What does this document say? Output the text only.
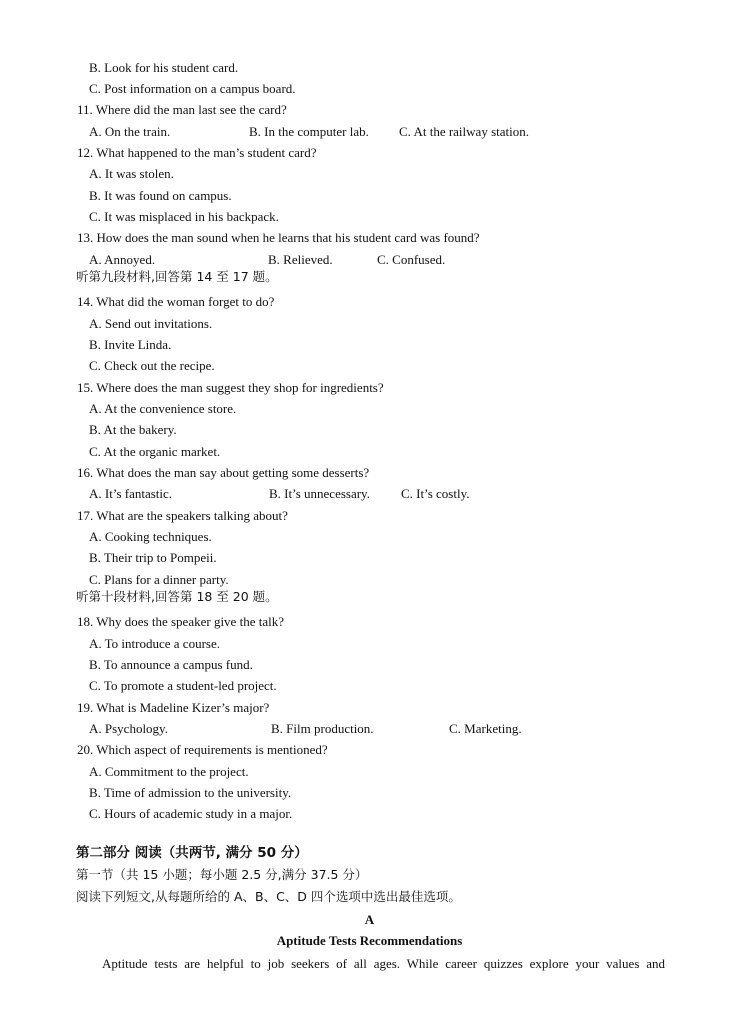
B. Look for his student card.
C. Post information on a campus board.
11. Where did the man last see the card?
A. On the train.	B. In the computer lab. C. At the railway station.
12. What happened to the man’s student card?
A. It was stolen.
B. It was found on campus.
C. It was misplaced in his backpack.
13. How does the man sound when he learns that his student card was found?
A. Annoyed.	B. Relieved.	C. Confused.
听第九段材料,回答第 14 至 17 题。
14. What did the woman forget to do?
A. Send out invitations.
B. Invite Linda.
C. Check out the recipe.
15. Where does the man suggest they shop for ingredients?
A. At the convenience store.
B. At the bakery.
C. At the organic market.
16. What does the man say about getting some desserts?
A. It’s fantastic.	B. It’s unnecessary. C. It’s costly.
17. What are the speakers talking about?
A. Cooking techniques.
B. Their trip to Pompeii.
C. Plans for a dinner party.
听第十段材料,回答第 18 至 20 题。
18. Why does the speaker give the talk?
A. To introduce a course.
B. To announce a campus fund.
C. To promote a student-led project.
19. What is Madeline Kizer’s major?
A. Psychology.	B. Film production.	C. Marketing.
20. Which aspect of requirements is mentioned?
A. Commitment to the project.
B. Time of admission to the university.
C. Hours of academic study in a major.
第二部分 阅读（共两节, 满分 50 分）
第一节（共 15 小题；每小题 2.5 分,满分 37.5 分）
阅读下列短文,从每题所给的 A、B、C、D 四个选项中选出最佳选项。
A
Aptitude Tests Recommendations
Aptitude tests are helpful to job seekers of all ages. While career quizzes explore your values and
